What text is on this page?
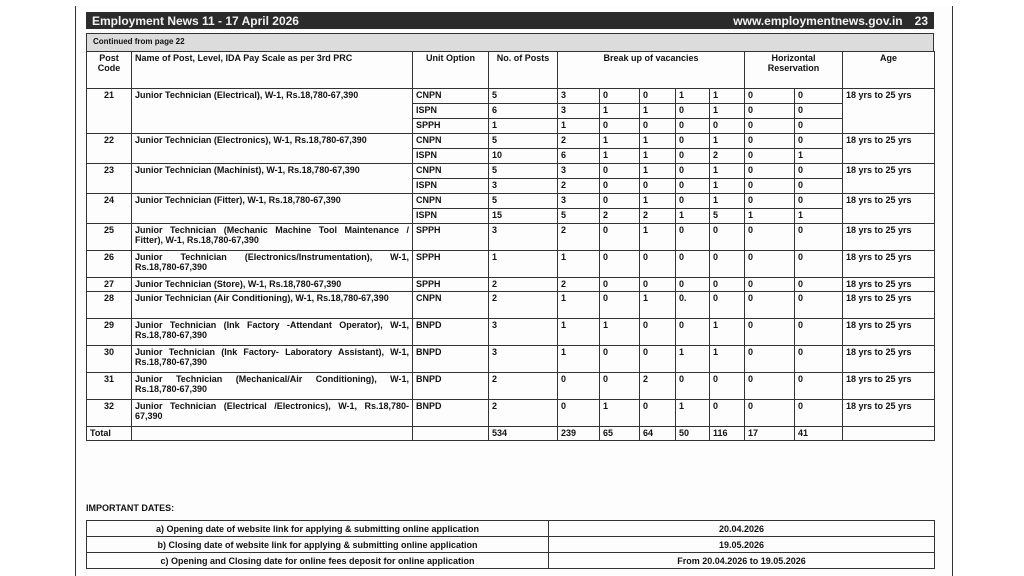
Employment News 11 - 17 April 2026	www.employmentnews.gov.in 23
Continued from page 22
Post Code	Name of Post, Level, IDA Pay Scale as per 3rd PRC	Unit Option	No. of Posts	Break up of vacancies					Horizontal Reservation		Age
21	Junior Technician (Electrical), W-1, Rs.18,780-67,390	CNPN	5	3	0	0	1	1	0	0	18 yrs to 25 yrs
		ISPN	6	3	1	1	0	1	0	0	
		SPPH	1	1	0	0	0	0	0	0	
22	Junior Technician (Electronics), W-1, Rs.18,780-67,390	CNPN	5	2	1	1	0	1	0	0	18 yrs to 25 yrs
		ISPN	10	6	1	1	0	2	0	1	
23	Junior Technician (Machinist), W-1, Rs.18,780-67,390	CNPN	5	3	0	1	0	1	0	0	18 yrs to 25 yrs
		ISPN	3	2	0	0	0	1	0	0	
24	Junior Technician (Fitter), W-1, Rs.18,780-67,390	CNPN	5	3	0	1	0	1	0	0	18 yrs to 25 yrs
		ISPN	15	5	2	2	1	5	1	1	
25	Junior Technician (Mechanic Machine Tool Maintenance / Fitter), W-1, Rs.18,780-67,390	SPPH	3	2	0	1	0	0	0	0	18 yrs to 25 yrs
26	Junior Technician (Electronics/Instrumentation), W-1, Rs.18,780-67,390	SPPH	1	1	0	0	0	0	0	0	18 yrs to 25 yrs
27	Junior Technician (Store), W-1, Rs.18,780-67,390	SPPH	2	2	0	0	0	0	0	0	18 yrs to 25 yrs
28	Junior Technician (Air Conditioning), W-1, Rs.18,780-67,390	CNPN	2	1	0	1	0.	0	0	0	18 yrs to 25 yrs
29	Junior Technician (Ink Factory -Attendant Operator), W-1, Rs.18,780-67,390	BNPD	3	1	1	0	0	1	0	0	18 yrs to 25 yrs
30	Junior Technician (Ink Factory- Laboratory Assistant), W-1, Rs.18,780-67,390	BNPD	3	1	0	0	1	1	0	0	18 yrs to 25 yrs
31	Junior Technician (Mechanical/Air Conditioning), W-1, Rs.18,780-67,390	BNPD	2	0	0	2	0	0	0	0	18 yrs to 25 yrs
32	Junior Technician (Electrical /Electronics), W-1, Rs.18,780-67,390	BNPD	2	0	1	0	1	0	0	0	18 yrs to 25 yrs
Total			534	239	65	64	50	116	17	41	
IMPORTANT DATES:
a) Opening date of website link for applying & submitting online application	20.04.2026
b) Closing date of website link for applying & submitting online application	19.05.2026
c) Opening and Closing date for online fees deposit for online application	From 20.04.2026 to 19.05.2026
